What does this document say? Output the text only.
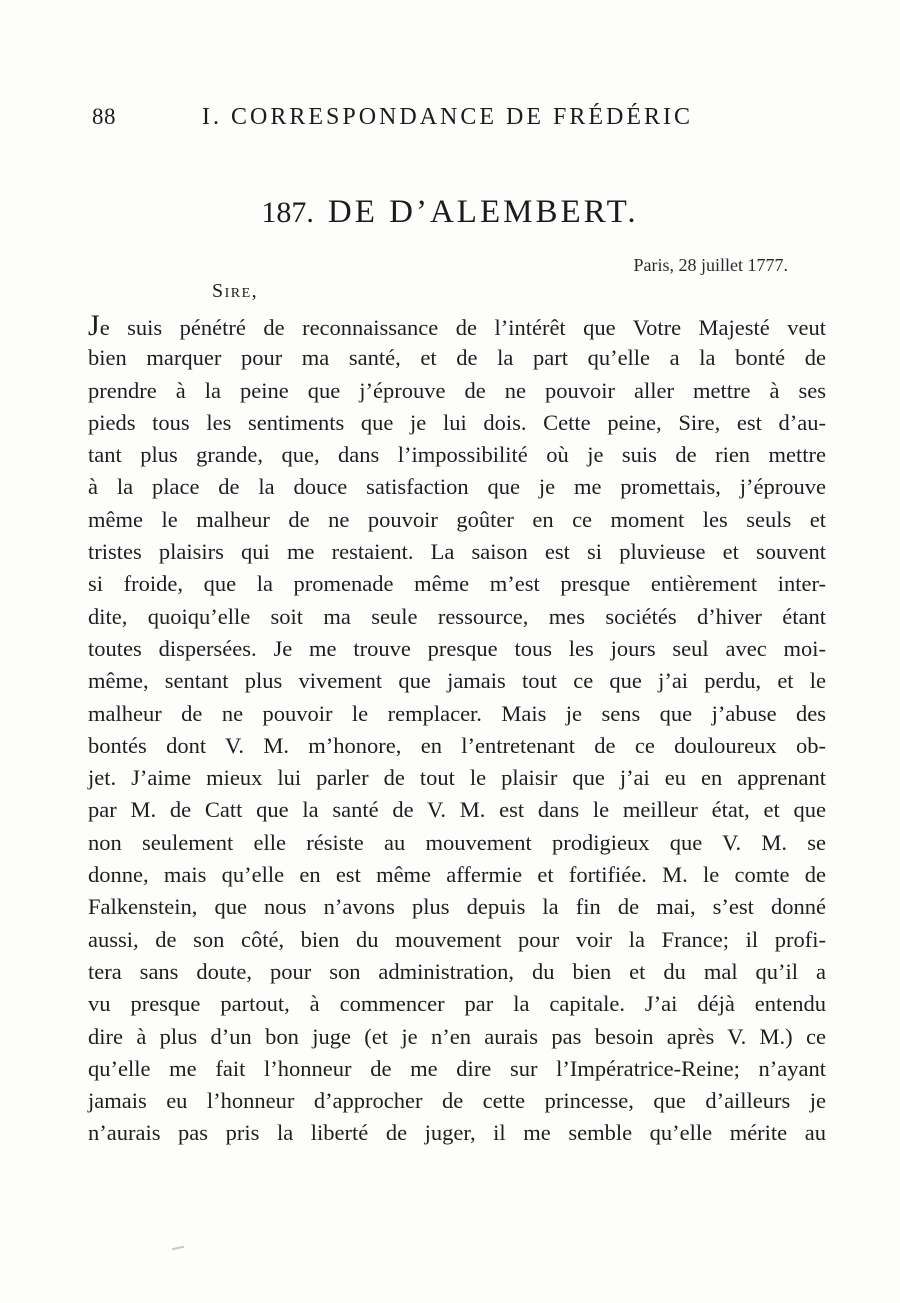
88	I. CORRESPONDANCE DE FRÉDÉRIC
187. DE D’ALEMBERT.
Paris, 28 juillet 1777.
Sire,
Je suis pénétré de reconnaissance de l’intérêt que Votre Majesté veut
bien marquer pour ma santé, et de la part qu’elle a la bonté de
prendre à la peine que j’éprouve de ne pouvoir aller mettre à ses
pieds tous les sentiments que je lui dois. Cette peine, Sire, est d’au-
tant plus grande, que, dans l’impossibilité où je suis de rien mettre
à la place de la douce satisfaction que je me promettais, j’éprouve
même le malheur de ne pouvoir goûter en ce moment les seuls et
tristes plaisirs qui me restaient. La saison est si pluvieuse et souvent
si froide, que la promenade même m’est presque entièrement inter-
dite, quoiqu’elle soit ma seule ressource, mes sociétés d’hiver étant
toutes dispersées. Je me trouve presque tous les jours seul avec moi-
même, sentant plus vivement que jamais tout ce que j’ai perdu, et le
malheur de ne pouvoir le remplacer. Mais je sens que j’abuse des
bontés dont V. M. m’honore, en l’entretenant de ce douloureux ob-
jet. J’aime mieux lui parler de tout le plaisir que j’ai eu en apprenant
par M. de Catt que la santé de V. M. est dans le meilleur état, et que
non seulement elle résiste au mouvement prodigieux que V. M. se
donne, mais qu’elle en est même affermie et fortifiée. M. le comte de
Falkenstein, que nous n’avons plus depuis la fin de mai, s’est donné
aussi, de son côté, bien du mouvement pour voir la France; il profi-
tera sans doute, pour son administration, du bien et du mal qu’il a
vu presque partout, à commencer par la capitale. J’ai déjà entendu
dire à plus d’un bon juge (et je n’en aurais pas besoin après V. M.) ce
qu’elle me fait l’honneur de me dire sur l’Impératrice-Reine; n’ayant
jamais eu l’honneur d’approcher de cette princesse, que d’ailleurs je
n’aurais pas pris la liberté de juger, il me semble qu’elle mérite au
